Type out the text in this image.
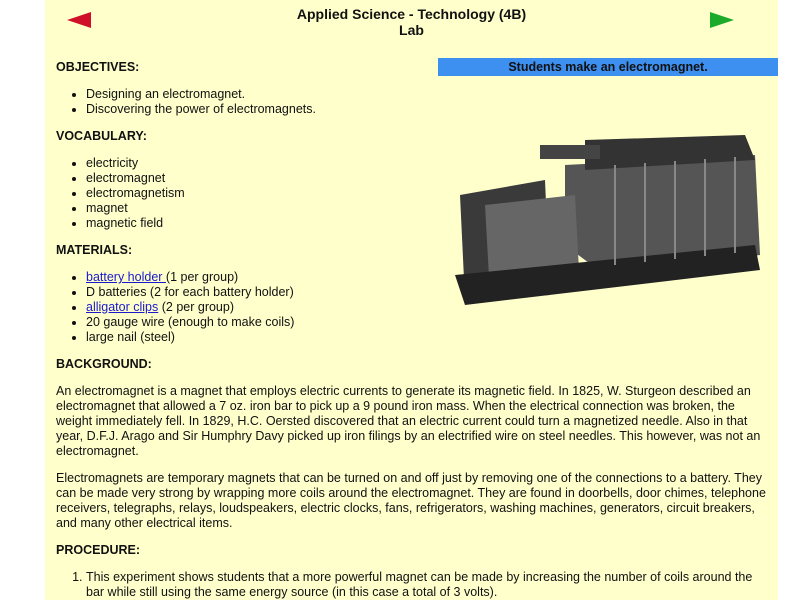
Applied Science - Technology (4B)
Lab
Students make an electromagnet.
OBJECTIVES:
• Designing an electromagnet.
• Discovering the power of electromagnets.
VOCABULARY:
• electricity
• electromagnet
• electromagnetism
• magnet
• magnetic field
MATERIALS:
• battery holder (1 per group)
• D batteries (2 for each battery holder)
• alligator clips (2 per group)
• 20 gauge wire (enough to make coils)
• large nail (steel)
BACKGROUND:

An electromagnet is a magnet that employs electric currents to generate its magnetic field. In 1825, W. Sturgeon described an electromagnet that allowed a 7 oz. iron bar to pick up a 9 pound iron mass. When the electrical connection was broken, the weight immediately fell. In 1829, H.C. Oersted discovered that an electric current could turn a magnetized needle. Also in that year, D.F.J. Arago and Sir Humphry Davy picked up iron filings by an electrified wire on steel needles. This however, was not an electromagnet.

Electromagnets are temporary magnets that can be turned on and off just by removing one of the connections to a battery. They can be made very strong by wrapping more coils around the electromagnet. They are found in doorbells, door chimes, telephone receivers, telegraphs, relays, loudspeakers, electric clocks, fans, refrigerators, washing machines, generators, circuit breakers, and many other electrical items.

PROCEDURE:
1. This experiment shows students that a more powerful magnet can be made by increasing the number of coils around the bar while still using the same energy source (in this case a total of 3 volts).
